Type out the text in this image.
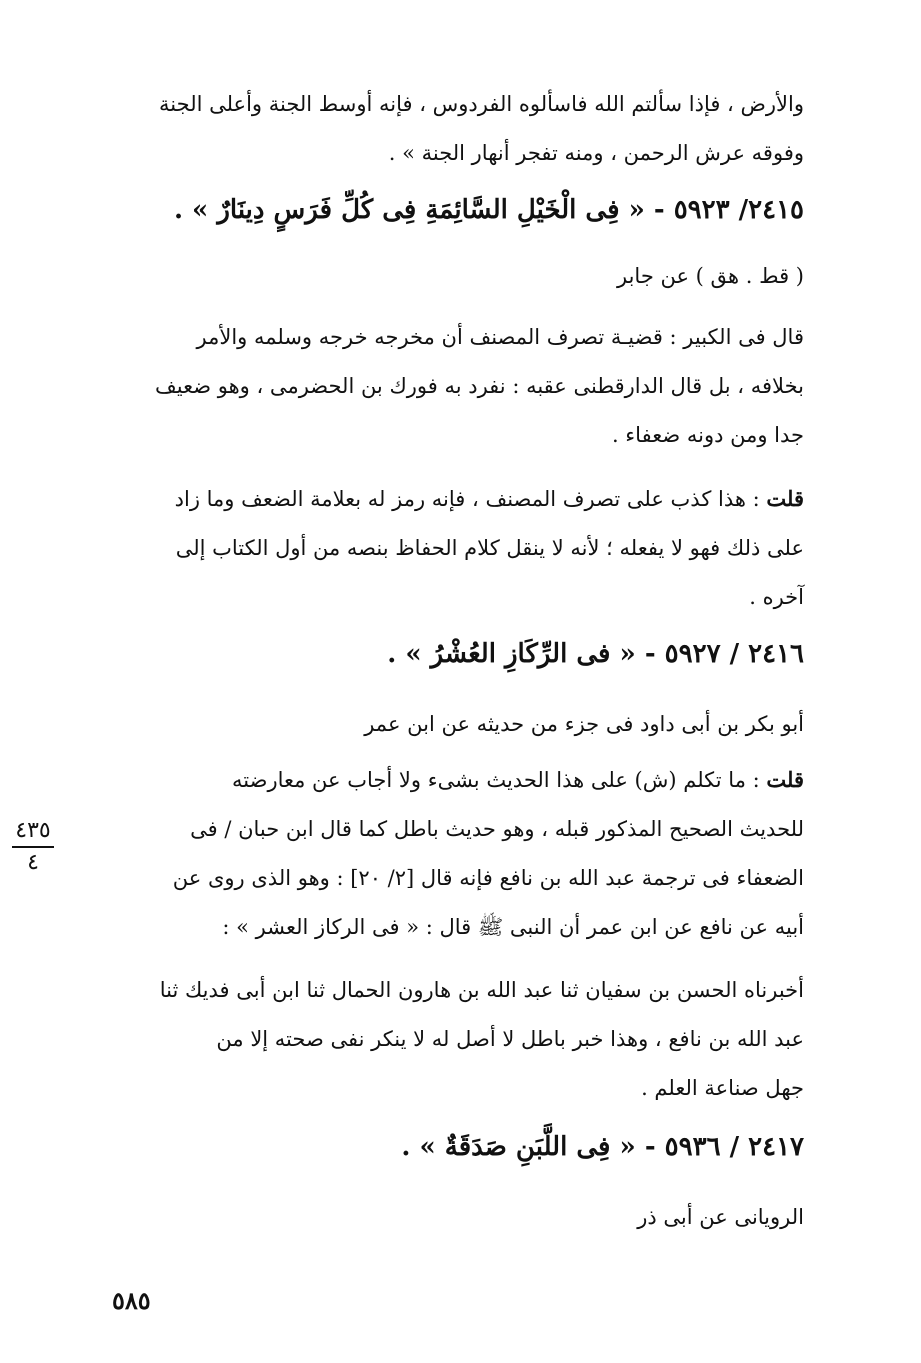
والأرض ، فإذا سألتم الله فاسألوه الفردوس ، فإنه أوسط الجنة وأعلى الجنة
وفوقه عرش الرحمن ، ومنه تفجر أنهار الجنة » .

٢٤١٥/ ٥٩٢٣ - « فِى الْخَيْلِ السَّائِمَةِ فِى كُلِّ فَرَسٍ دِينَارٌ » .

( قط . هق ) عن جابر

قال فى الكبير : قضيـة تصرف المصنف أن مخرجه خرجه وسلمه والأمر
بخلافه ، بل قال الدارقطنى عقبه : نفرد به فورك بن الحضرمى ، وهو ضعيف
جدا ومن دونه ضعفاء .

قلت : هذا كذب على تصرف المصنف ، فإنه رمز له بعلامة الضعف وما زاد
على ذلك فهو لا يفعله ؛ لأنه لا ينقل كلام الحفاظ بنصه من أول الكتاب إلى
آخره .

٢٤١٦ / ٥٩٢٧ - « فى الرِّكَازِ العُشْرُ » .

أبو بكر بن أبى داود فى جزء من حديثه عن ابن عمر

قلت : ما تكلم (ش) على هذا الحديث بشىء ولا أجاب عن معارضته
للحديث الصحيح المذكور قبله ، وهو حديث باطل كما قال ابن حبان / فى
الضعفاء فى ترجمة عبد الله بن نافع فإنه قال [٢/ ٢٠] : وهو الذى روى عن
أبيه عن نافع عن ابن عمر أن النبى ﷺ قال : « فى الركاز العشر » :

أخبرناه الحسن بن سفيان ثنا عبد الله بن هارون الحمال ثنا ابن أبى فديك ثنا
عبد الله بن نافع ، وهذا خبر باطل لا أصل له لا ينكر نفى صحته إلا من
جهل صناعة العلم .

٢٤١٧ / ٥٩٣٦ - « فِى اللَّبَنِ صَدَقَةٌ » .

الرويانى عن أبى ذر

٤٣٥
٤
٥٨٥
